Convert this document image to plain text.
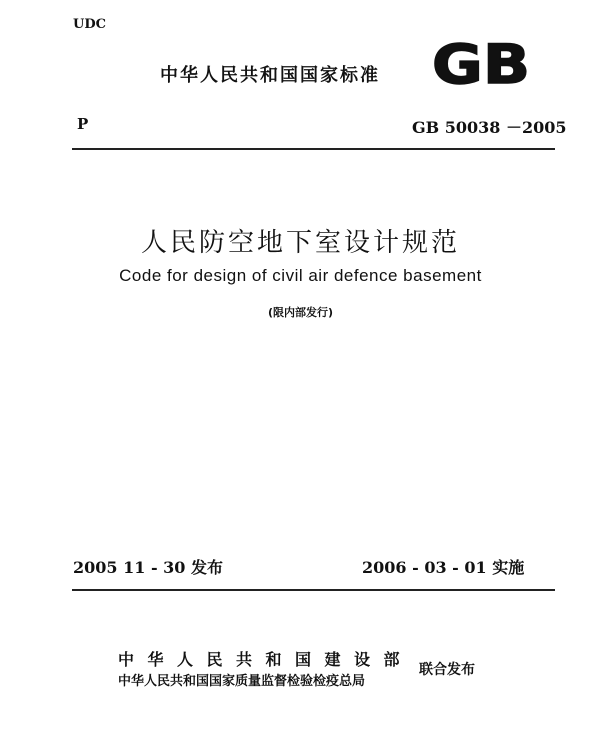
UDC
中华人民共和国国家标准 GB
P	GB 50038 －2005
人民防空地下室设计规范
Code for design of civil air defence basement
(限内部发行)
2005 11 - 30 发布	2006 - 03 - 01 实施
中华人民共和国建设部
中华人民共和国国家质量监督检验检疫总局
联合发布
